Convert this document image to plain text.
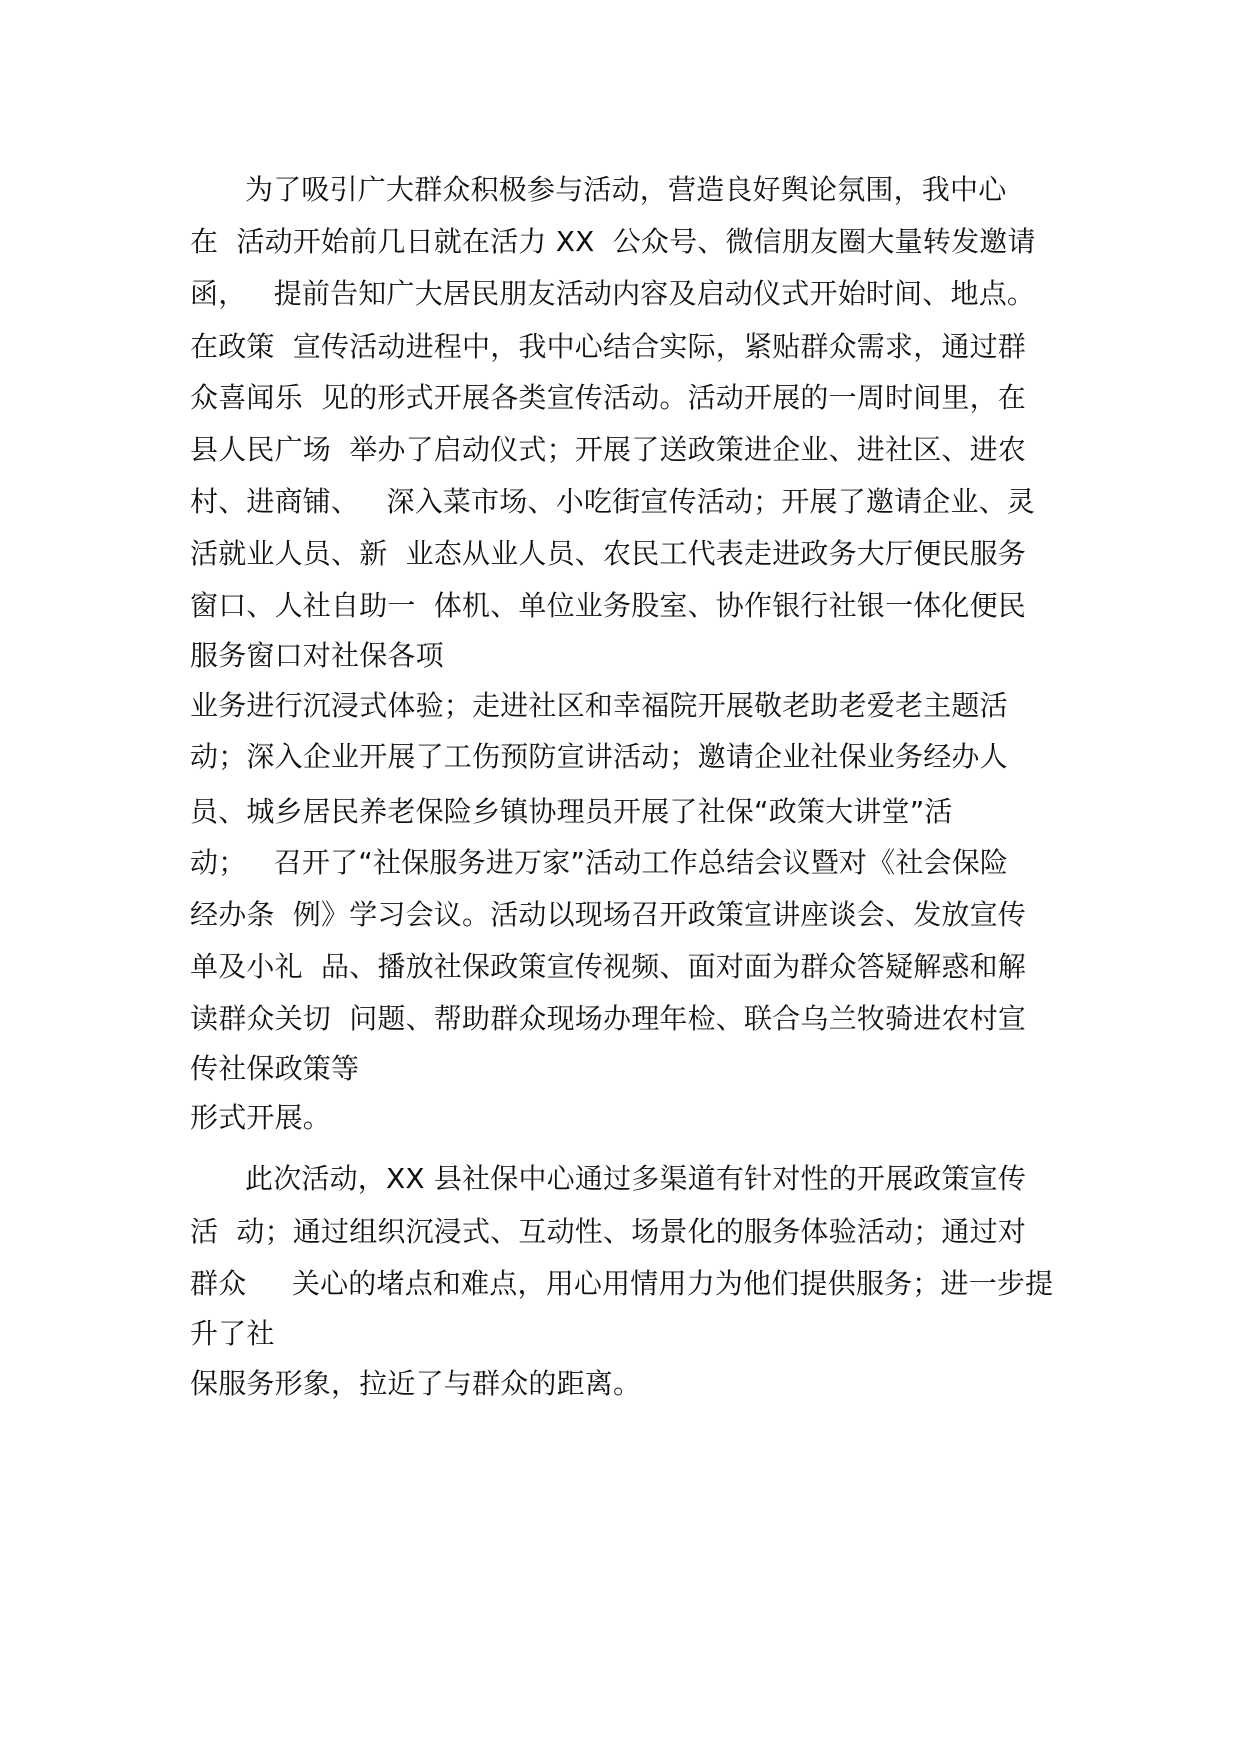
为了吸引广大群众积极参与活动，营造良好舆论氛围，我中心
在  活动开始前几日就在活力 XX  公众号、微信朋友圈大量转发邀请
函，   提前告知广大居民朋友活动内容及启动仪式开始时间、地点。
在政策  宣传活动进程中，我中心结合实际，紧贴群众需求，通过群
众喜闻乐  见的形式开展各类宣传活动。活动开展的一周时间里，在
县人民广场  举办了启动仪式；开展了送政策进企业、进社区、进农
村、进商铺、   深入菜市场、小吃街宣传活动；开展了邀请企业、灵
活就业人员、新  业态从业人员、农民工代表走进政务大厅便民服务
窗口、人社自助一  体机、单位业务股室、协作银行社银一体化便民
服务窗口对社保各项
业务进行沉浸式体验；走进社区和幸福院开展敬老助老爱老主题活
动；深入企业开展了工伤预防宣讲活动；邀请企业社保业务经办人
员、城乡居民养老保险乡镇协理员开展了社保“政策大讲堂”活
动；   召开了“社保服务进万家”活动工作总结会议暨对《社会保险
经办条  例》学习会议。活动以现场召开政策宣讲座谈会、发放宣传
单及小礼  品、播放社保政策宣传视频、面对面为群众答疑解惑和解
读群众关切  问题、帮助群众现场办理年检、联合乌兰牧骑进农村宣
传社保政策等
形式开展。
此次活动，XX 县社保中心通过多渠道有针对性的开展政策宣传
活  动；通过组织沉浸式、互动性、场景化的服务体验活动；通过对
群众     关心的堵点和难点，用心用情用力为他们提供服务；进一步提
升了社
保服务形象，拉近了与群众的距离。
